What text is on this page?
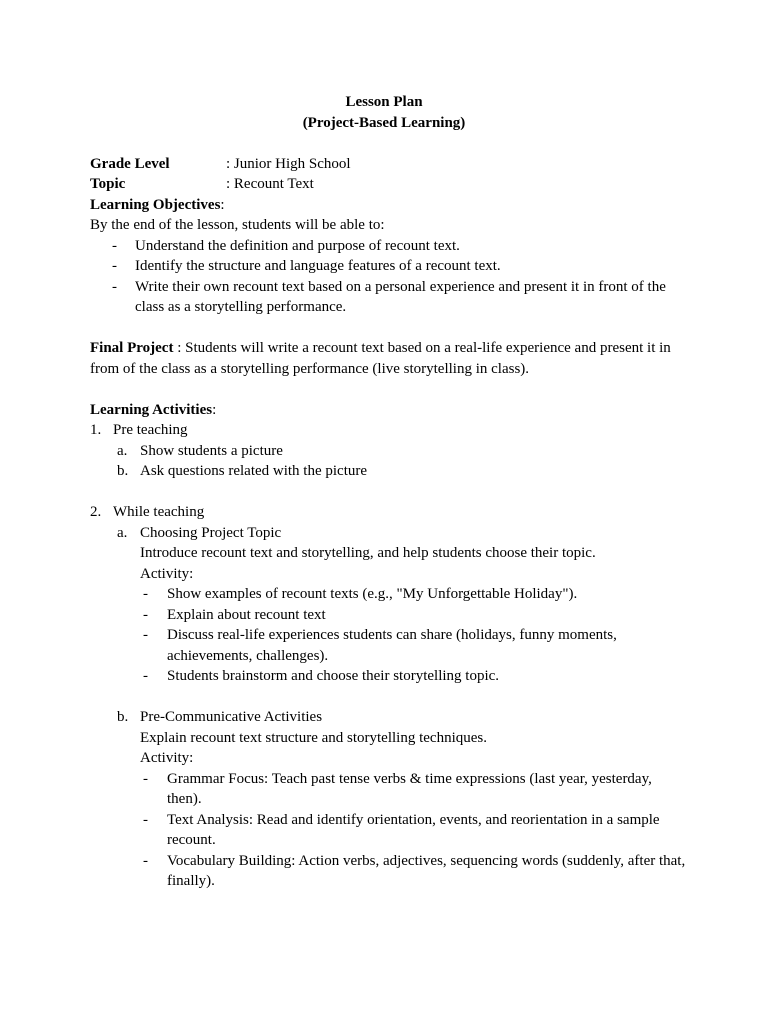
Lesson Plan
(Project-Based Learning)
Grade Level	: Junior High School
Topic	: Recount Text
Learning Objectives:
By the end of the lesson, students will be able to:
- Understand the definition and purpose of recount text.
- Identify the structure and language features of a recount text.
- Write their own recount text based on a personal experience and present it in front of the class as a storytelling performance.
Final Project : Students will write a recount text based on a real-life experience and present it in from of the class as a storytelling performance (live storytelling in class).
Learning Activities:
1. Pre teaching
a. Show students a picture
b. Ask questions related with the picture
2. While teaching
a. Choosing Project Topic
Introduce recount text and storytelling, and help students choose their topic.
Activity:
- Show examples of recount texts (e.g., "My Unforgettable Holiday").
- Explain about recount text
- Discuss real-life experiences students can share (holidays, funny moments, achievements, challenges).
- Students brainstorm and choose their storytelling topic.
b. Pre-Communicative Activities
Explain recount text structure and storytelling techniques.
Activity:
- Grammar Focus: Teach past tense verbs & time expressions (last year, yesterday, then).
- Text Analysis: Read and identify orientation, events, and reorientation in a sample recount.
- Vocabulary Building: Action verbs, adjectives, sequencing words (suddenly, after that, finally).
